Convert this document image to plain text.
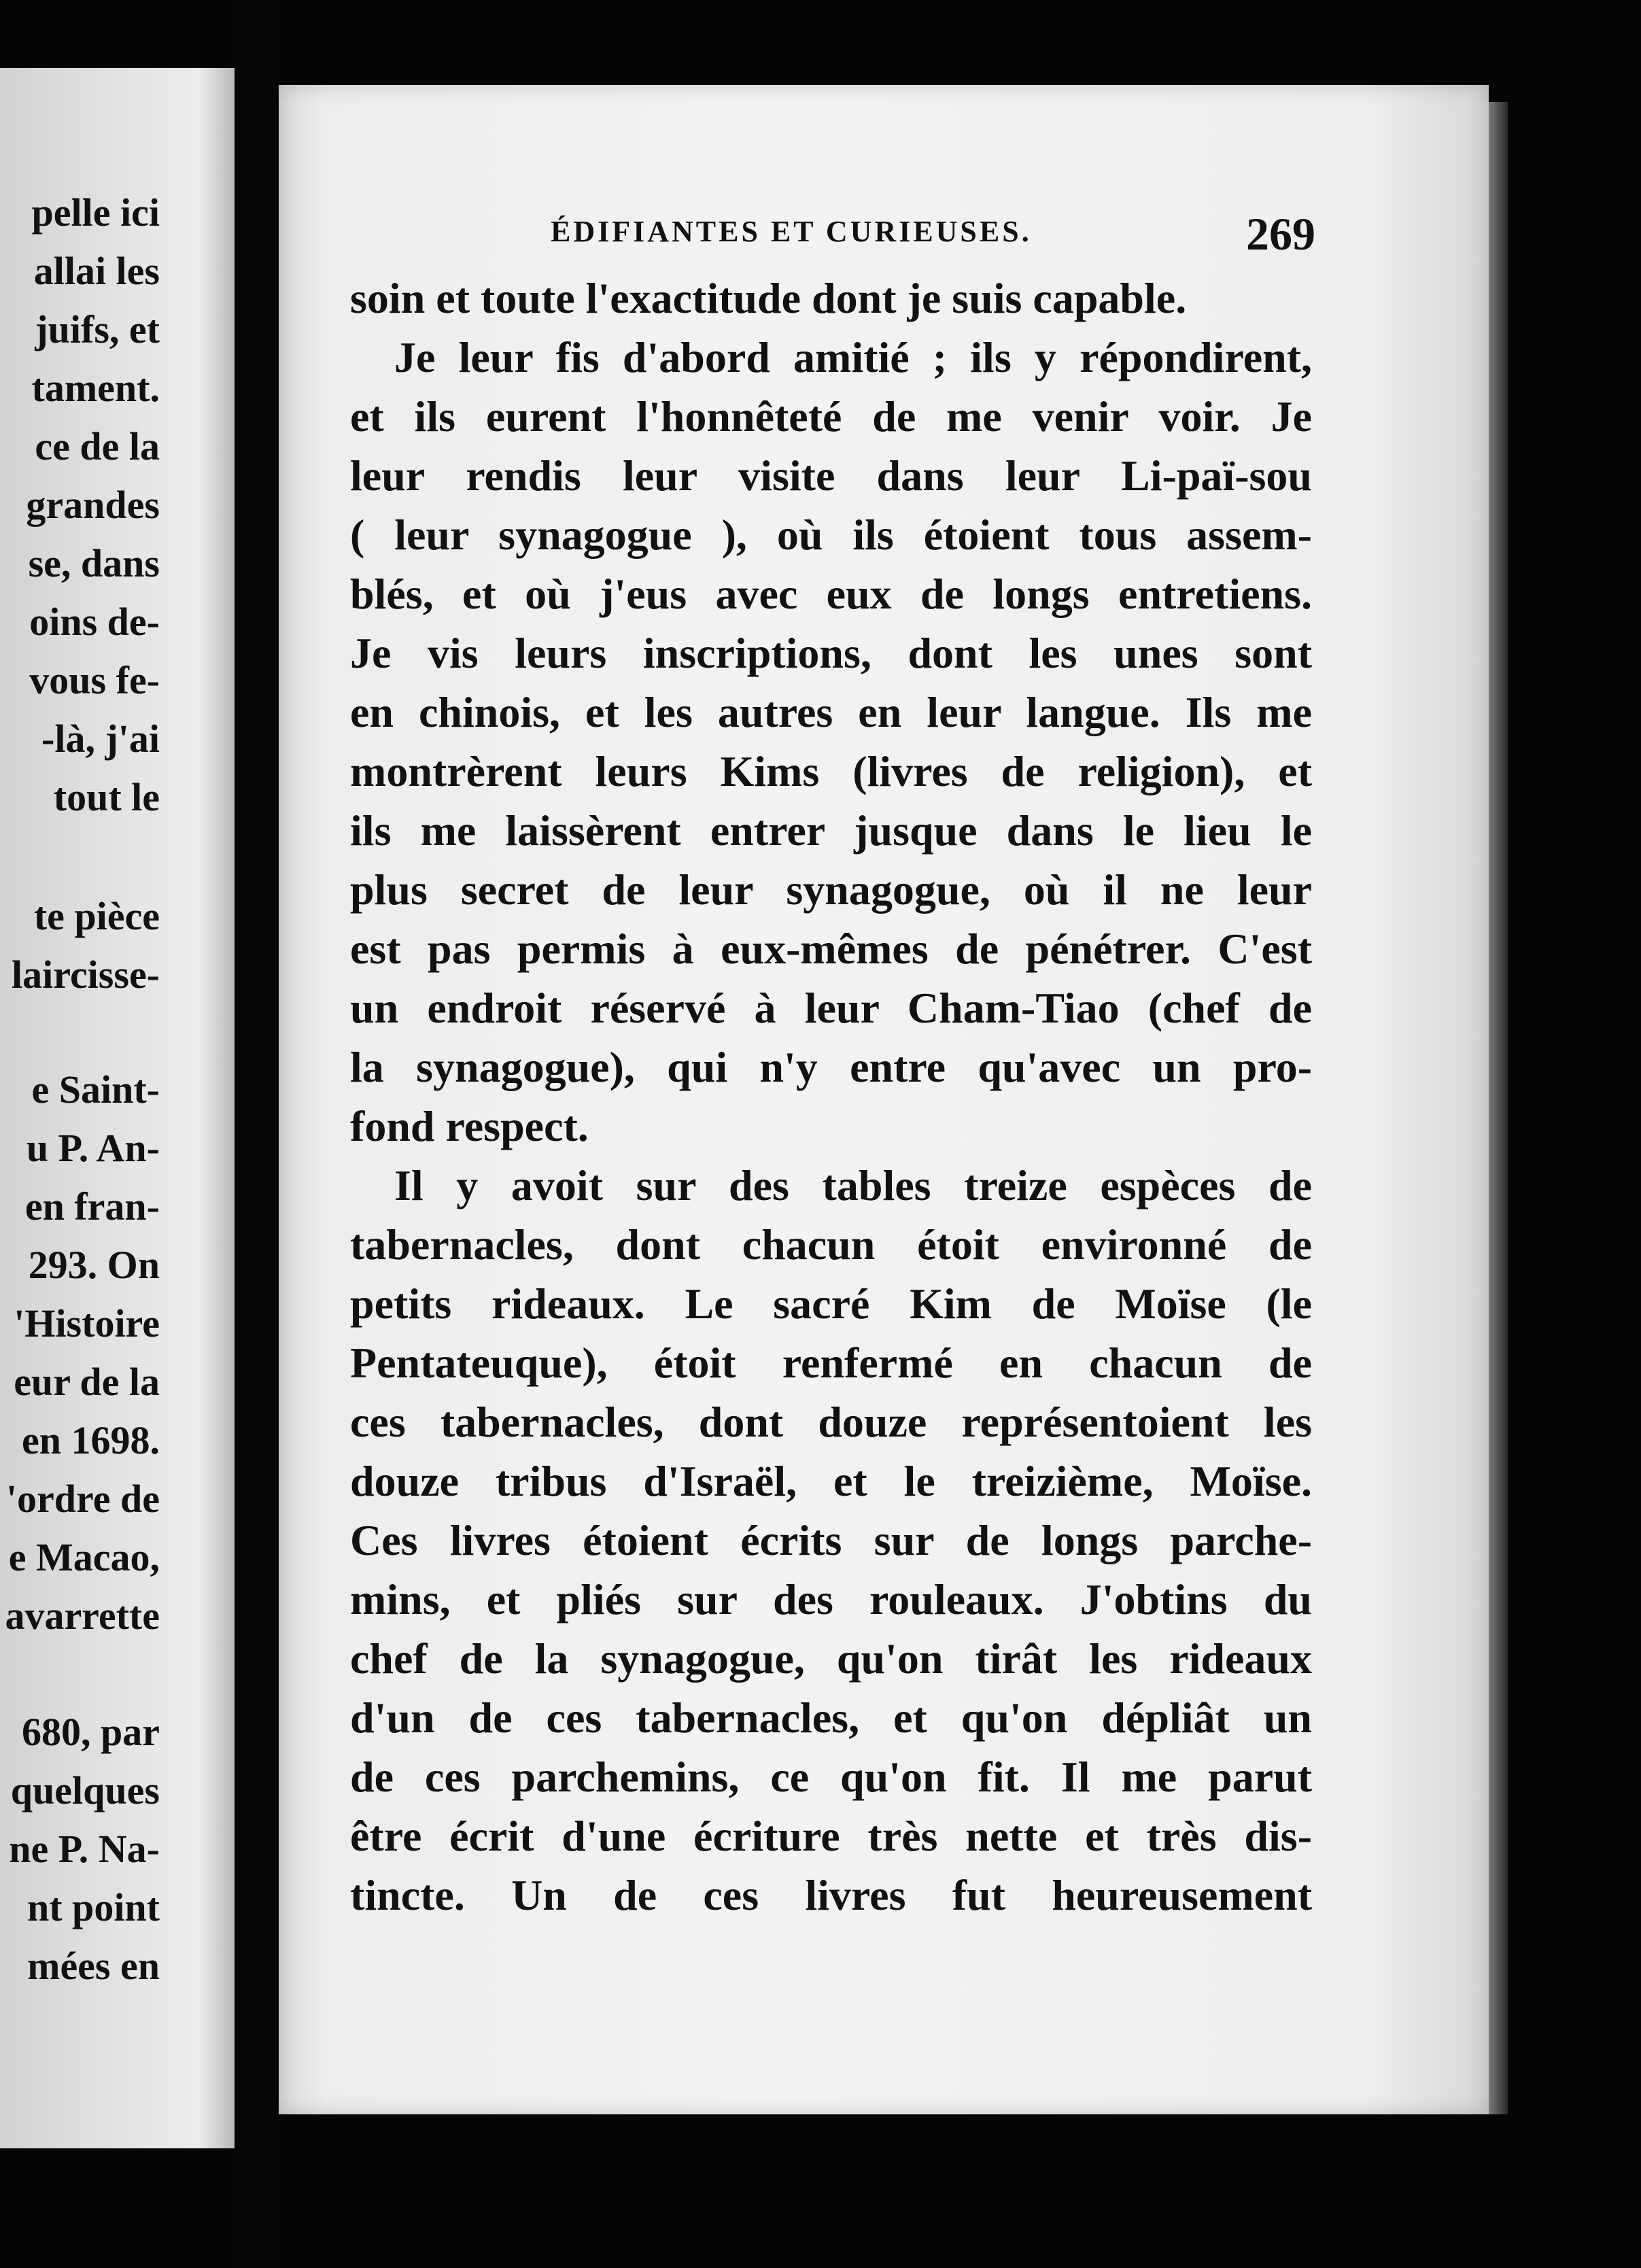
pelle ici
allai les
juifs, et
tament.
ce de la
grandes
se, dans
oins de-
vous fe-
-là, j'ai
tout le
te pièce
laircisse-
e Saint-
u P. An-
en fran-
293. On
'Histoire
eur de la
en 1698.
'ordre de
e Macao,
avarrette
680, par
quelques
ne P. Na-
nt point
mées en
ÉDIFIANTES ET CURIEUSES.	269
soin et toute l'exactitude dont je suis capable.
Je leur fis d'abord amitié ; ils y répondirent,
et ils eurent l'honnêteté de me venir voir. Je
leur rendis leur visite dans leur Li-paï-sou
( leur synagogue ), où ils étoient tous assem-
blés, et où j'eus avec eux de longs entretiens.
Je vis leurs inscriptions, dont les unes sont
en chinois, et les autres en leur langue. Ils me
montrèrent leurs Kims (livres de religion), et
ils me laissèrent entrer jusque dans le lieu le
plus secret de leur synagogue, où il ne leur
est pas permis à eux-mêmes de pénétrer. C'est
un endroit réservé à leur Cham-Tiao (chef de
la synagogue), qui n'y entre qu'avec un pro-
fond respect.
Il y avoit sur des tables treize espèces de
tabernacles, dont chacun étoit environné de
petits rideaux. Le sacré Kim de Moïse (le
Pentateuque), étoit renfermé en chacun de
ces tabernacles, dont douze représentoient les
douze tribus d'Israël, et le treizième, Moïse.
Ces livres étoient écrits sur de longs parche-
mins, et pliés sur des rouleaux. J'obtins du
chef de la synagogue, qu'on tirât les rideaux
d'un de ces tabernacles, et qu'on dépliât un
de ces parchemins, ce qu'on fit. Il me parut
être écrit d'une écriture très nette et très dis-
tincte. Un de ces livres fut heureusement
